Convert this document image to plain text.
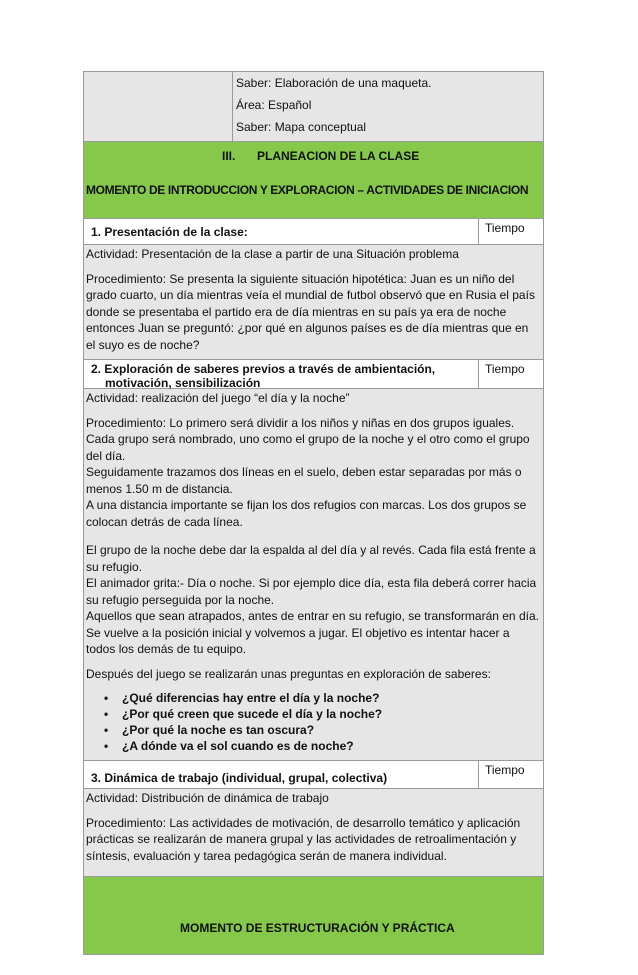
Saber: Elaboración de una maqueta.
Área: Español
Saber: Mapa conceptual
III. PLANEACION DE LA CLASE
MOMENTO DE INTRODUCCION Y EXPLORACION – ACTIVIDADES DE INICIACION
1. Presentación de la clase:	Tiempo

Actividad: Presentación de la clase a partir de una Situación problema

Procedimiento: Se presenta la siguiente situación hipotética: Juan es un niño del grado cuarto, un día mientras veía el mundial de futbol observó que en Rusia el país donde se presentaba el partido era de día mientras en su país ya era de noche entonces Juan se preguntó: ¿por qué en algunos países es de día mientras que en el suyo es de noche?

2. Exploración de saberes previos a través de ambientación,
motivación, sensibilización
Tiempo

Actividad: realización del juego “el día y la noche”

Procedimiento: Lo primero será dividir a los niños y niñas en dos grupos iguales. Cada grupo será nombrado, uno como el grupo de la noche y el otro como el grupo del día.

Seguidamente trazamos dos líneas en el suelo, deben estar separadas por más o menos 1.50 m de distancia.

A una distancia importante se fijan los dos refugios con marcas. Los dos grupos se colocan detrás de cada línea.

El grupo de la noche debe dar la espalda al del día y al revés. Cada fila está frente a su refugio.

El animador grita:- Día o noche. Si por ejemplo dice día, esta fila deberá correr hacia su refugio perseguida por la noche.

Aquellos que sean atrapados, antes de entrar en su refugio, se transformarán en día. Se vuelve a la posición inicial y volvemos a jugar. El objetivo es intentar hacer a todos los demás de tu equipo.

Después del juego se realizarán unas preguntas en exploración de saberes:

• ¿Qué diferencias hay entre el día y la noche?
• ¿Por qué creen que sucede el día y la noche?
• ¿Por qué la noche es tan oscura?
• ¿A dónde va el sol cuando es de noche?
3. Dinámica de trabajo (individual, grupal, colectiva)
Tiempo

Actividad: Distribución de dinámica de trabajo

Procedimiento: Las actividades de motivación, de desarrollo temático y aplicación prácticas se realizarán de manera grupal y las actividades de retroalimentación y síntesis, evaluación y tarea pedagógica serán de manera individual.

MOMENTO DE ESTRUCTURACIÓN Y PRÁCTICA
